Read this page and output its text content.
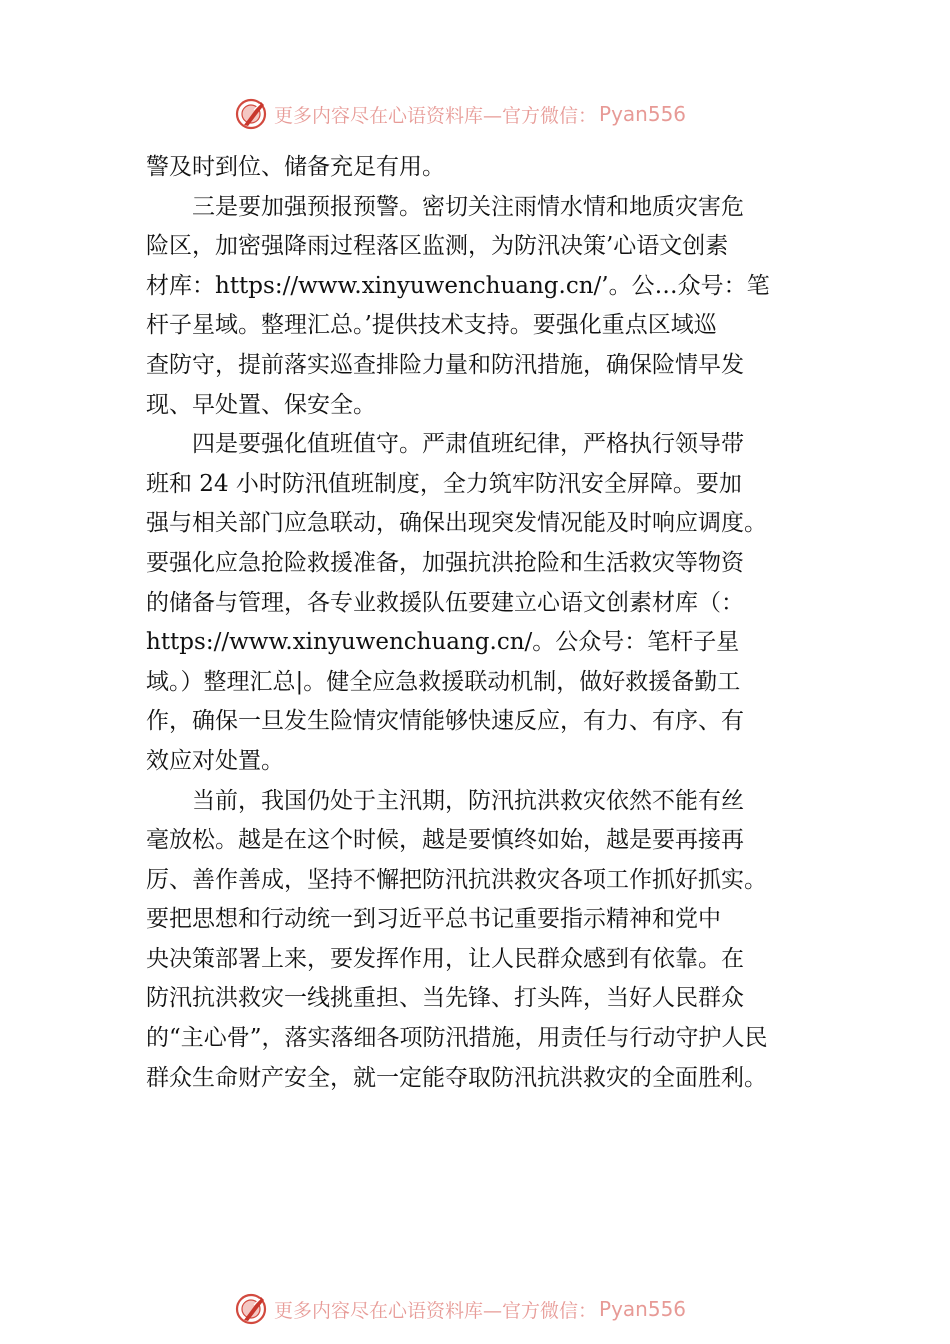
更多内容尽在心语资料库—官方微信： Pyan556
警及时到位、储备充足有用。
　　三是要加强预报预警。密切关注雨情水情和地质灾害危
险区，加密强降雨过程落区监测，为防汛决策’心语文创素
材库：https://www.xinyuwenchuang.cn/’。公…众号：笔
杆子星域。整理汇总。’提供技术支持。要强化重点区域巡
查防守，提前落实巡查排险力量和防汛措施，确保险情早发
现、早处置、保安全。
　　四是要强化值班值守。严肃值班纪律，严格执行领导带
班和 24 小时防汛值班制度，全力筑牢防汛安全屏障。要加
强与相关部门应急联动，确保出现突发情况能及时响应调度。
要强化应急抢险救援准备，加强抗洪抢险和生活救灾等物资
的储备与管理，各专业救援队伍要建立心语文创素材库（：
https://www.xinyuwenchuang.cn/。公众号：笔杆子星
域。）整理汇总|。健全应急救援联动机制，做好救援备勤工
作，确保一旦发生险情灾情能够快速反应，有力、有序、有
效应对处置。
　　当前，我国仍处于主汛期，防汛抗洪救灾依然不能有丝
毫放松。越是在这个时候，越是要慎终如始，越是要再接再
厉、善作善成，坚持不懈把防汛抗洪救灾各项工作抓好抓实。
要把思想和行动统一到习近平总书记重要指示精神和党中
央决策部署上来，要发挥作用，让人民群众感到有依靠。在
防汛抗洪救灾一线挑重担、当先锋、打头阵，当好人民群众
的“主心骨”，落实落细各项防汛措施，用责任与行动守护人民
群众生命财产安全，就一定能夺取防汛抗洪救灾的全面胜利。
更多内容尽在心语资料库—官方微信： Pyan556
